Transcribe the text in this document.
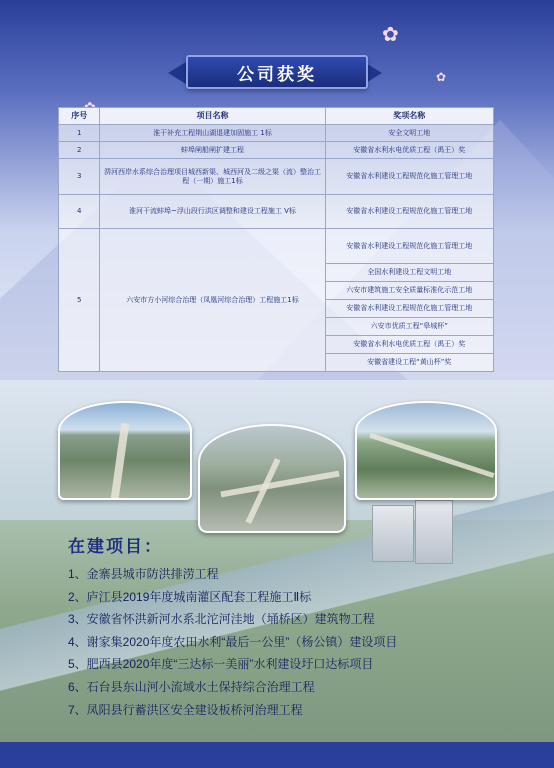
✿
✿
公司获奖
序号	项目名称	奖项名称
1	淮干补充工程荆山湖退建加固施工 1标	安全文明工地
2	蚌埠闸船闸扩建工程	安徽省水利水电优质工程（禹王）奖
3	淠河西岸水系综合治理项目城西新渠、城西河及二级之渠（流）整治工程（一期）施工1标	安徽省水利建设工程规范化施工管理工地
4	淮河干流蚌埠~浮山段行洪区调整和建设工程施工 V标	安徽省水利建设工程规范化施工管理工地
5	六安市方小河综合治理（凤凰河综合治理）工程施工1标	安徽省水利建设工程规范化施工管理工地
		全国水利建设工程文明工地
		六安市建筑施工安全质量标准化示范工地
		安徽省水利建设工程规范化施工管理工地
		六安市优质工程“皋城杯”
		安徽省水利水电优质工程（禹王）奖
		安徽省建设工程“黄山杯”奖
在建项目：
1、金寨县城市防洪排涝工程
2、庐江县2019年度城南灌区配套工程施工Ⅱ标
3、安徽省怀洪新河水系北沱河洼地（埇桥区）建筑物工程
4、谢家集2020年度农田水利“最后一公里”（杨公镇）建设项目
5、肥西县2020年度“三达标一美丽”水利建设圩口达标项目
6、石台县东山河小流域水土保持综合治理工程
7、凤阳县行蓄洪区安全建设板桥河治理工程
